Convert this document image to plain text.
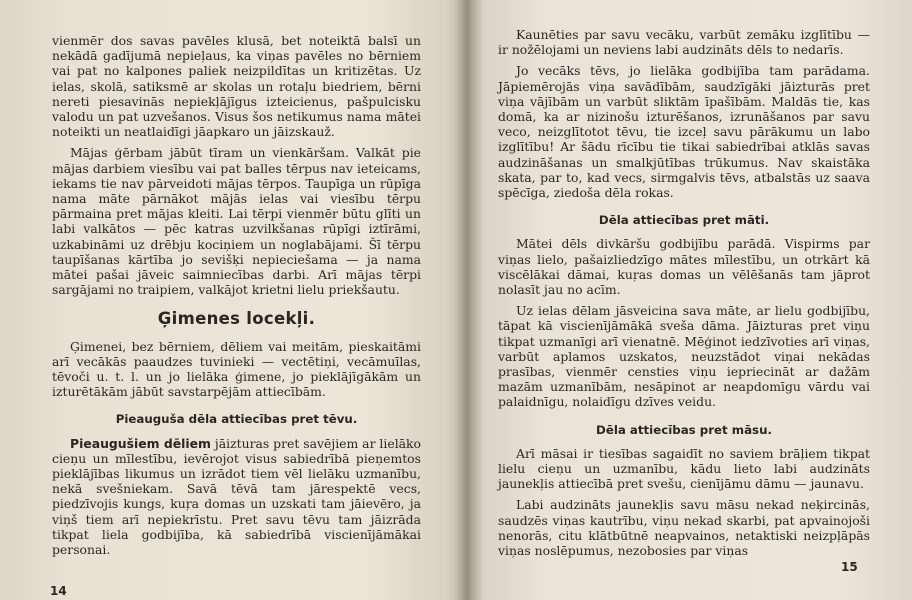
vienmēr dos savas pavēles klusā, bet noteiktā balsī un nekādā gadījumā nepieļaus, ka viņas pavēles no bērniem vai pat no kalpones paliek neizpildītas un kritizētas. Uz ielas, skolā, satiksmē ar skolas un rotaļu biedriem, bērni nereti piesavinās nepiekļājīgus izteicienus, pašpulcisku valodu un pat uzvešanos. Visus šos netikumus nama mātei noteikti un neatlaidīgi jāapkaro un jāizskauž.

Mājas ģērbam jābūt tīram un vienkāršam. Valkāt pie mājas darbiem viesību vai pat balles tērpus nav ieteicams, iekams tie nav pārveidoti mājas tērpos. Taupīga un rūpīga nama māte pārnākot mājās ielas vai viesību tērpu pārmaina pret mājas kleiti. Lai tērpi vienmēr būtu glīti un labi valkātos — pēc katras uzvilkšanas rūpīgi iztīrāmi, uzkabināmi uz drēbju kociņiem un noglabājami. Šī tērpu taupīšanas kārtība jo sevišķi nepieciešama — ja nama mātei pašai jāveic saimniecības darbi. Arī mājas tērpi sargājami no traipiem, valkājot krietni lielu priekšautu.

Ģimenes locekļi.

Ģimenei, bez bērniem, dēliem vai meitām, pieskaitāmi arī vecākās paaudzes tuvinieki — vectētiņi, vecāmuīlas, tēvoči u. t. l. un jo lielāka ģimene, jo pieklājīgākām un izturētākām jābūt savstarpējām attiecībām.

Pieauguša dēla attiecības pret tēvu.

Pieaugušiem dēliem jāizturas pret savējiem ar lielāko cieņu un mīlestību, ievērojot visus sabiedrībā pieņemtos pieklājības likumus un izrādot tiem vēl lielāku uzmanību, nekā svešniekam. Savā tēvā tam jārespektē vecs, piedzīvojis kungs, kuŗa domas un uzskati tam jāievēro, ja viņš tiem arī nepiekrīstu. Pret savu tēvu tam jāizrāda tikpat liela godbijība, kā sabiedrībā viscienījāmākai personai.

14

Kaunēties par savu vecāku, varbūt zemāku izglītību — ir nožēlojami un neviens labi audzināts dēls to nedarīs.

Jo vecāks tēvs, jo lielāka godbijība tam parādama. Jāpiemērojās viņa savādībām, saudzīgāki jāizturās pret viņa vājībām un varbūt sliktām īpašībām. Maldās tie, kas domā, ka ar nizinošu izturēšanos, izrunāšanos par savu vecо, neizglītotot tēvu, tie izceļ savu pārākumu un labo izglītību! Ar šādu rīcību tie tikai sabiedrībai atklās savas audzināšanas un smalkjūtības trūkumus. Nav skaistāka skata, par to, kad vecs, sirmgalvis tēvs, atbalstās uz saava spēcīga, ziedoša dēla rokas.

Dēla attiecības pret māti.

Mātei dēls divkāršu godbijību parādā. Vispirms par viņas lielo, pašaizliedzīgo mātes mīlestību, un otrkārt kā viscēlākai dāmai, kuŗas domas un vēlēšanās tam jāprot nolasīt jau no acīm.

Uz ielas dēlam jāsveicina sava māte, ar lielu godbijību, tāpat kā viscienījāmākā sveša dāma. Jāizturas pret viņu tikpat uzmanīgi arī vienatnē. Mēģinot iedzīvoties arī viņas, varbūt aplamos uzskatos, neuzstādot viņai nekādas prasības, vienmēr censties viņu iepriecināt ar dažām mazām uzmanībām, nesāpinot ar neapdomīgu vārdu vai palaidnīgu, nolaidīgu dzīves veidu.

Dēla attiecības pret māsu.

Arī māsai ir tiesības sagaidīt no saviem brāļiem tikpat lielu cieņu un uzmanību, kādu lieto labi audzināts jaunekļis attiecībā pret svešu, cienījāmu dāmu — jaunavu.

Labi audzināts jaunekļis savu māsu nekad neķircinās, saudzēs viņas kautrību, viņu nekad skarbi, pat apvainojoši nenorās, citu klātbūtnē neapvainos, netaktiski neizpļāpās viņas noslēpumus, nezobosies par viņas

15
